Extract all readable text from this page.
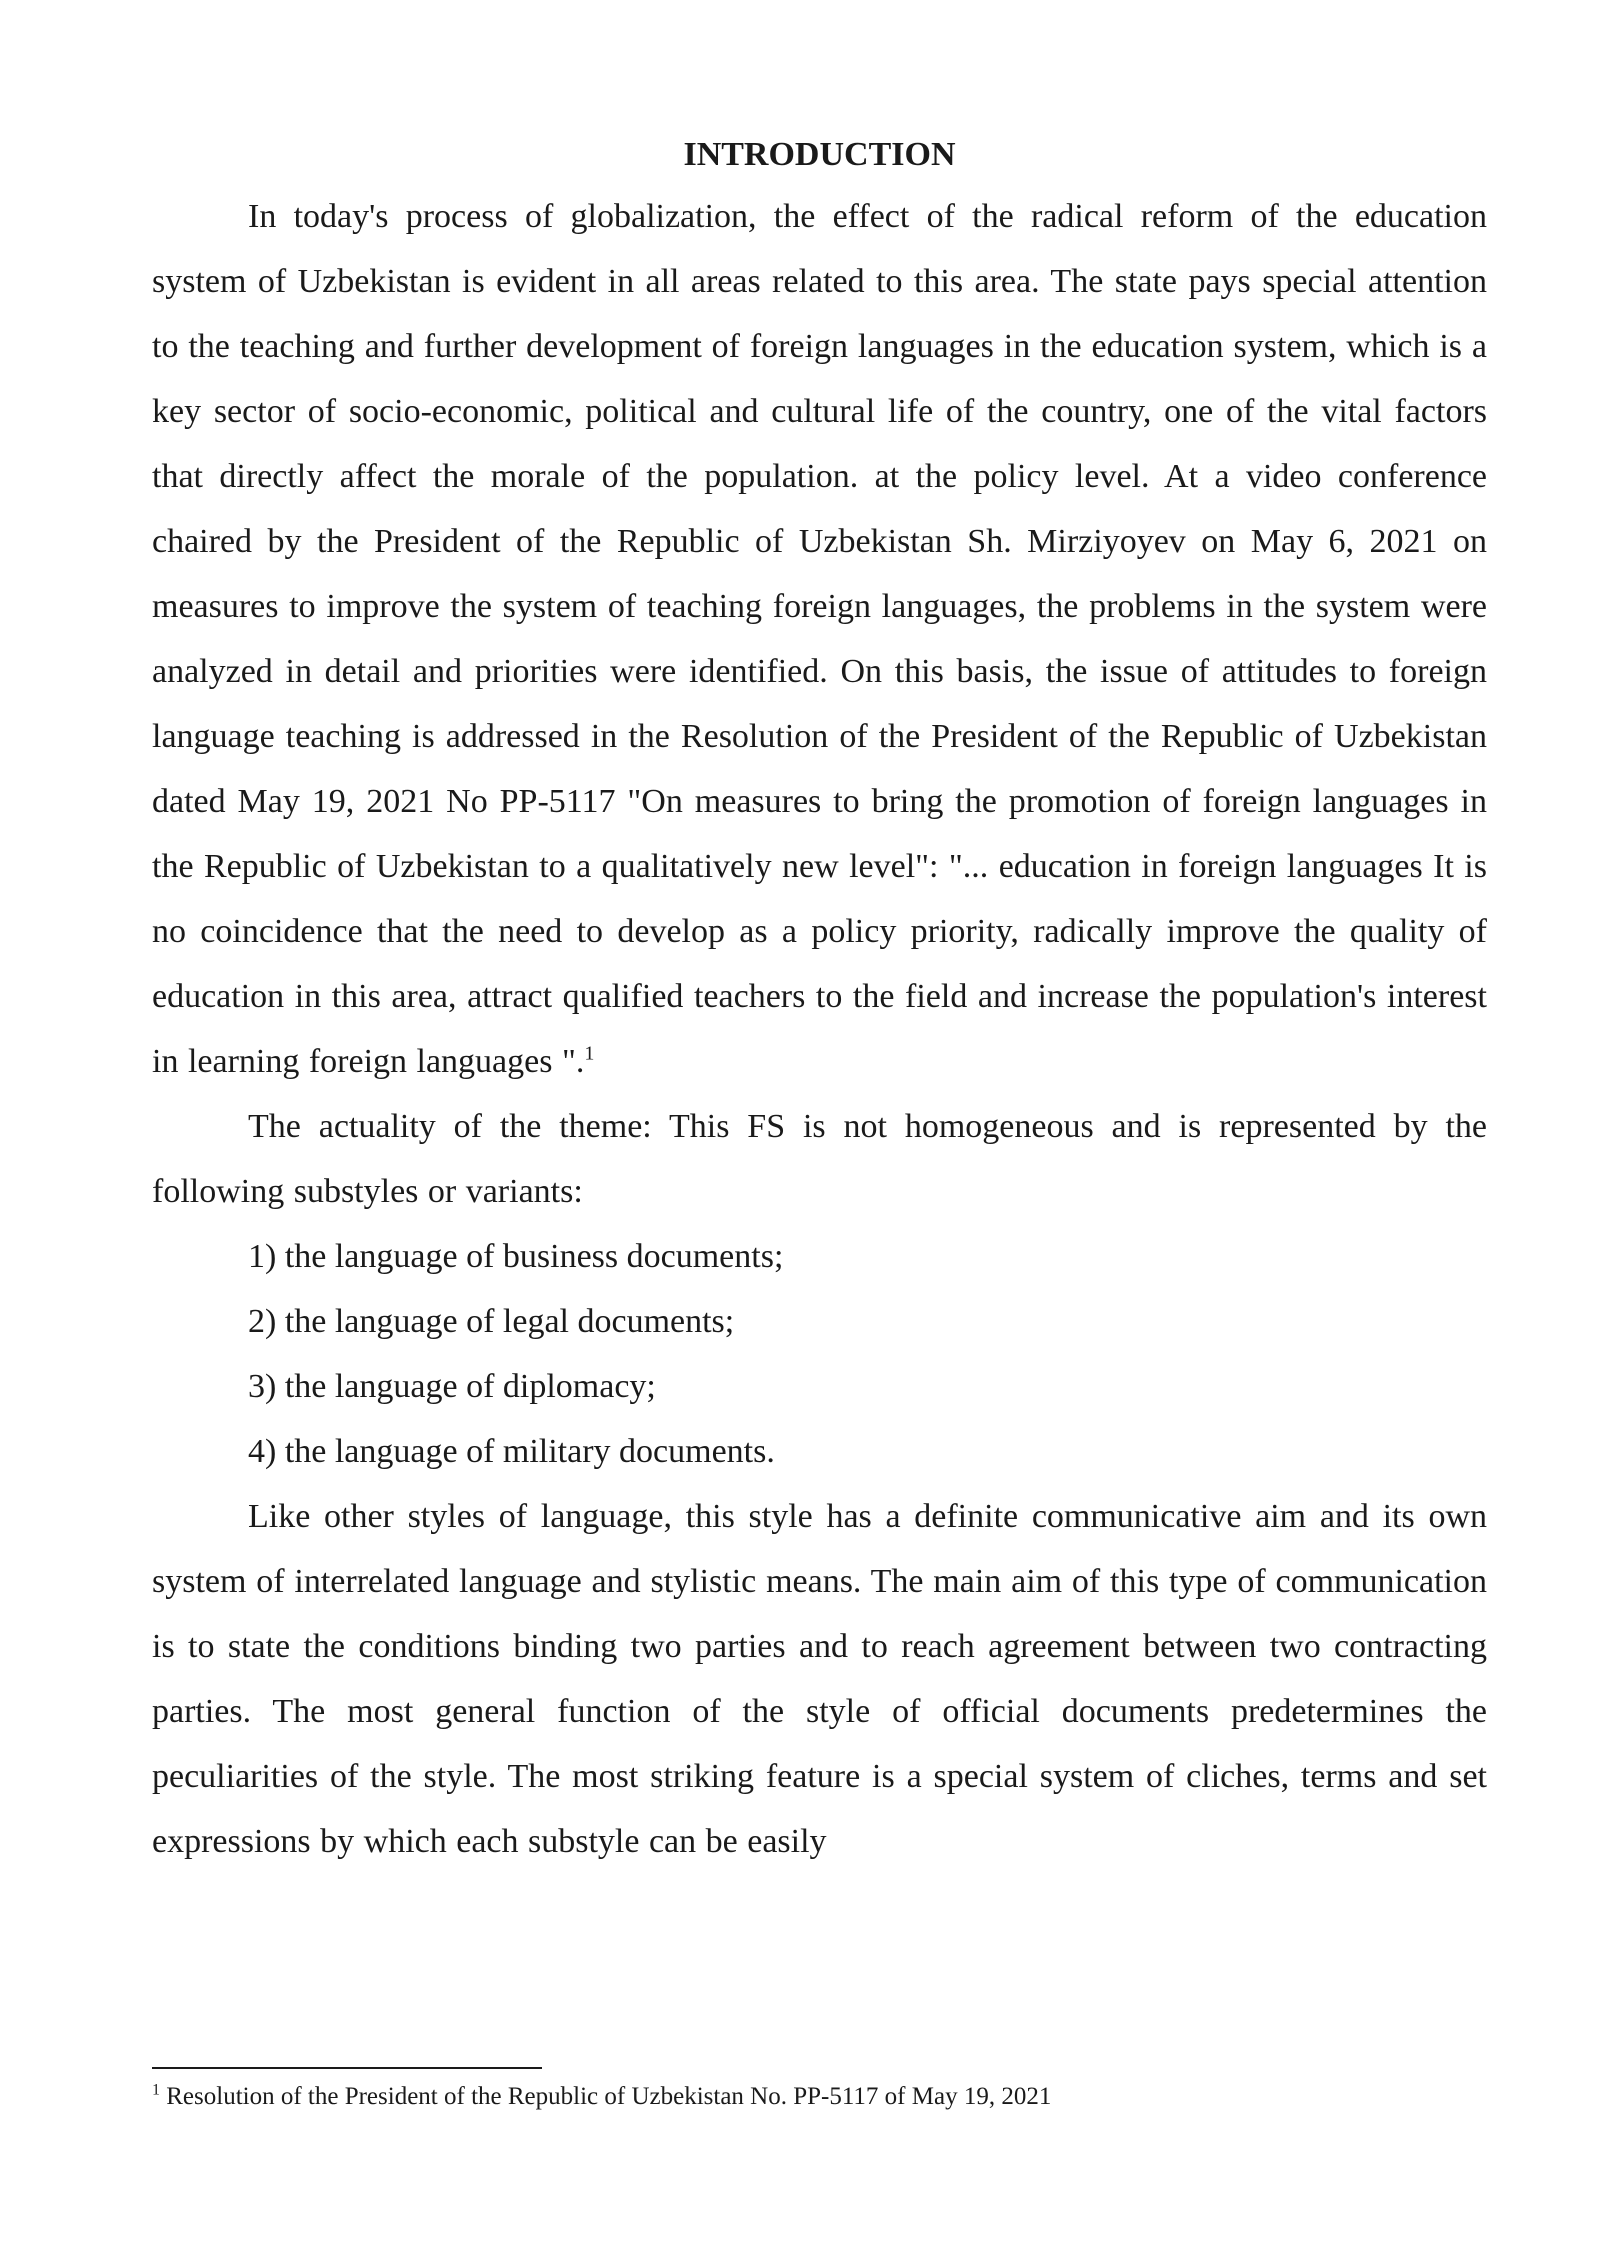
INTRODUCTION

In today's process of globalization, the effect of the radical reform of the education system of Uzbekistan is evident in all areas related to this area. The state pays special attention to the teaching and further development of foreign languages in the education system, which is a key sector of socio-economic, political and cultural life of the country, one of the vital factors that directly affect the morale of the population. at the policy level. At a video conference chaired by the President of the Republic of Uzbekistan Sh. Mirziyoyev on May 6, 2021 on measures to improve the system of teaching foreign languages, the problems in the system were analyzed in detail and priorities were identified. On this basis, the issue of attitudes to foreign language teaching is addressed in the Resolution of the President of the Republic of Uzbekistan dated May 19, 2021 No PP-5117 "On measures to bring the promotion of foreign languages in the Republic of Uzbekistan to a qualitatively new level": "... education in foreign languages It is no coincidence that the need to develop as a policy priority, radically improve the quality of education in this area, attract qualified teachers to the field and increase the population's interest in learning foreign languages ".$^1$

The actuality of the theme: This FS is not homogeneous and is represented by the following substyles or variants:

1) the language of business documents;

2) the language of legal documents;

3) the language of diplomacy;

4) the language of military documents.

Like other styles of language, this style has a definite communicative aim and its own system of interrelated language and stylistic means. The main aim of this type of communication is to state the conditions binding two parties and to reach agreement between two contracting parties. The most general function of the style of official documents predetermines the peculiarities of the style. The most striking feature is a special system of cliches, terms and set expressions by which each substyle can be easily

$^1$ Resolution of the President of the Republic of Uzbekistan No. PP-5117 of May 19, 2021
